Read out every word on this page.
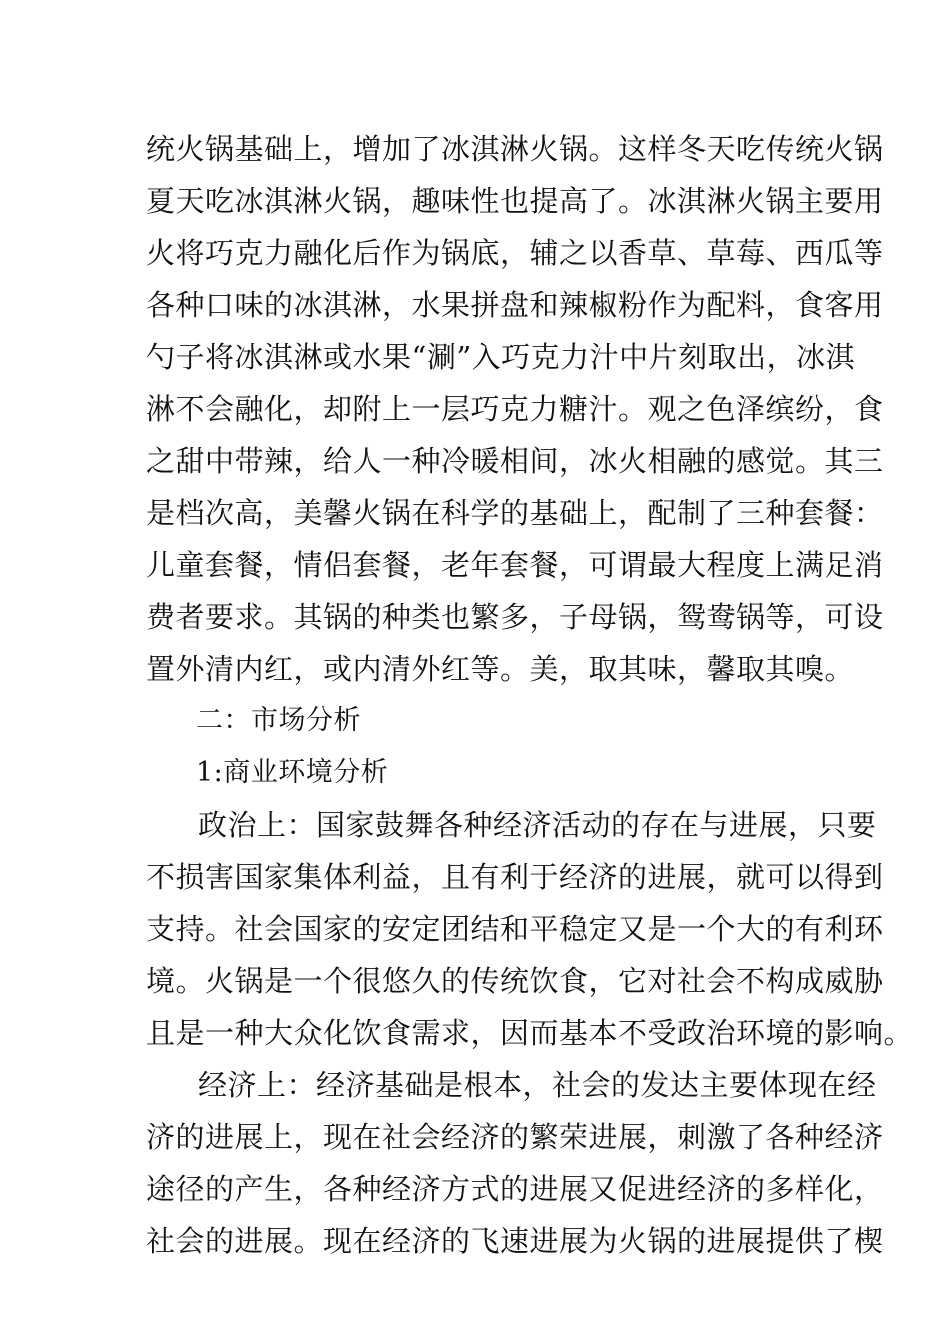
统火锅基础上，增加了冰淇淋火锅。这样冬天吃传统火锅
夏天吃冰淇淋火锅，趣味性也提高了。冰淇淋火锅主要用
火将巧克力融化后作为锅底，辅之以香草、草莓、西瓜等
各种口味的冰淇淋，水果拼盘和辣椒粉作为配料，食客用
勺子将冰淇淋或水果“涮”入巧克力汁中片刻取出，冰淇
淋不会融化，却附上一层巧克力糖汁。观之色泽缤纷，食
之甜中带辣，给人一种冷暖相间，冰火相融的感觉。其三
是档次高，美馨火锅在科学的基础上，配制了三种套餐：
儿童套餐，情侣套餐，老年套餐，可谓最大程度上满足消
费者要求。其锅的种类也繁多，子母锅，鸳鸯锅等，可设
置外清内红，或内清外红等。美，取其味，馨取其嗅。
二：市场分析
1:商业环境分析
政治上：国家鼓舞各种经济活动的存在与进展，只要
不损害国家集体利益，且有利于经济的进展，就可以得到
支持。社会国家的安定团结和平稳定又是一个大的有利环
境。火锅是一个很悠久的传统饮食，它对社会不构成威胁
且是一种大众化饮食需求，因而基本不受政治环境的影响。
经济上：经济基础是根本，社会的发达主要体现在经
济的进展上，现在社会经济的繁荣进展，刺激了各种经济
途径的产生，各种经济方式的进展又促进经济的多样化，
社会的进展。现在经济的飞速进展为火锅的进展提供了楔
